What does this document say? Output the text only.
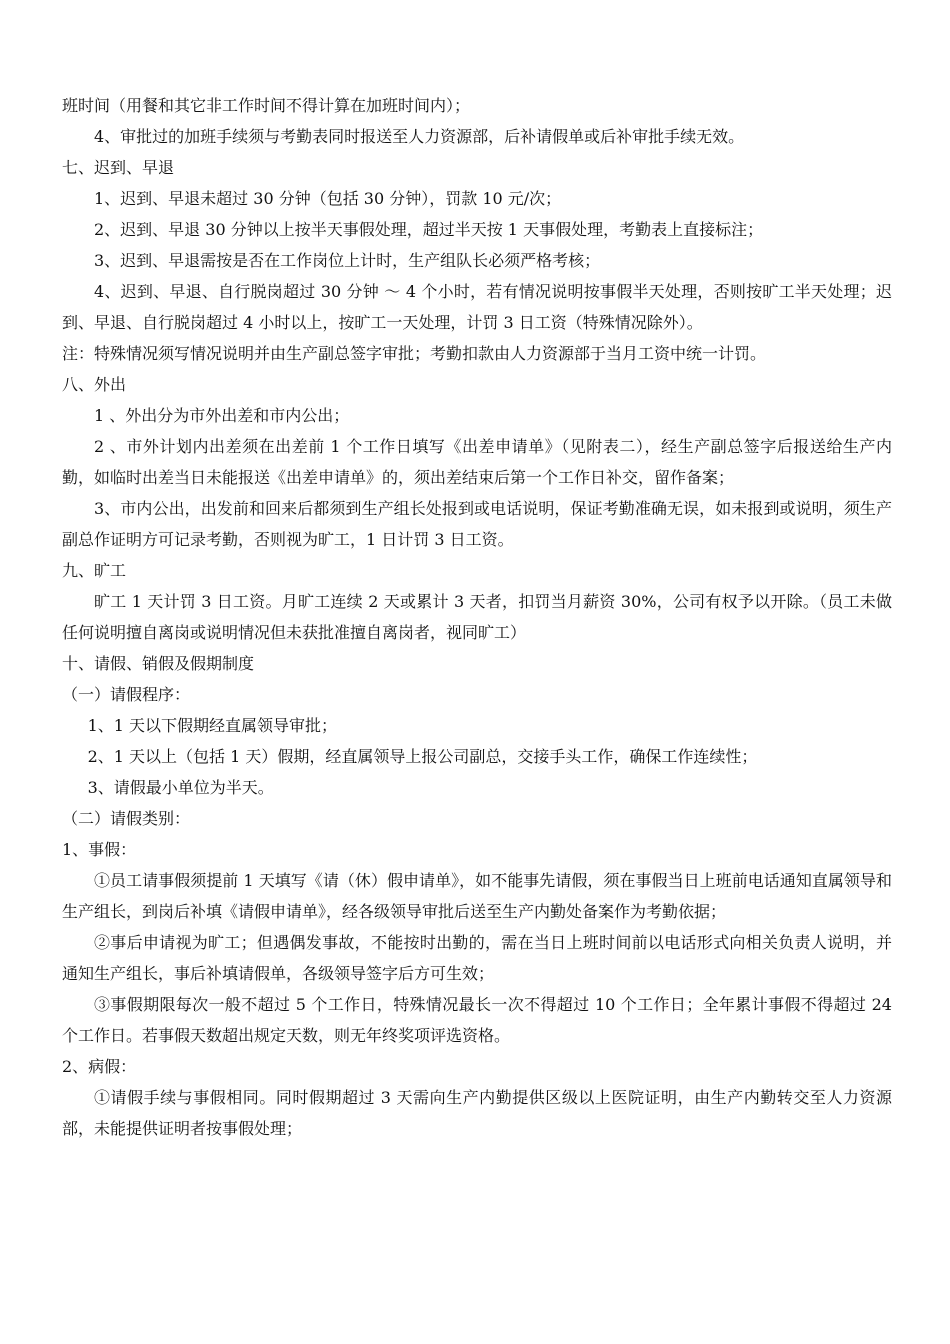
班时间（用餐和其它非工作时间不得计算在加班时间内）；

4、审批过的加班手续须与考勤表同时报送至人力资源部，后补请假单或后补审批手续无效。

七、迟到、早退

1、迟到、早退未超过 30 分钟（包括 30 分钟），罚款 10 元/次；

2、迟到、早退 30 分钟以上按半天事假处理，超过半天按 1 天事假处理，考勤表上直接标注；

3、迟到、早退需按是否在工作岗位上计时，生产组队长必须严格考核；

4、迟到、早退、自行脱岗超过 30 分钟 ～ 4 个小时，若有情况说明按事假半天处理，否则按旷工半天处理；迟到、早退、自行脱岗超过 4 小时以上，按旷工一天处理，计罚 3 日工资（特殊情况除外）。

注：特殊情况须写情况说明并由生产副总签字审批；考勤扣款由人力资源部于当月工资中统一计罚。

八、外出

1 、外出分为市外出差和市内公出；

2 、市外计划内出差须在出差前 1 个工作日填写《出差申请单》（见附表二），经生产副总签字后报送给生产内勤，如临时出差当日未能报送《出差申请单》的，须出差结束后第一个工作日补交，留作备案；

3、市内公出，出发前和回来后都须到生产组长处报到或电话说明，保证考勤准确无误，如未报到或说明，须生产副总作证明方可记录考勤，否则视为旷工，1 日计罚 3 日工资。

九、旷工

旷工 1 天计罚 3 日工资。月旷工连续 2 天或累计 3 天者，扣罚当月薪资 30%，公司有权予以开除。（员工未做任何说明擅自离岗或说明情况但未获批准擅自离岗者，视同旷工）

十、请假、销假及假期制度

（一）请假程序：

1、1 天以下假期经直属领导审批；

2、1 天以上（包括 1 天）假期，经直属领导上报公司副总，交接手头工作，确保工作连续性；

3、请假最小单位为半天。

（二）请假类别：

1、事假：

①员工请事假须提前 1 天填写《请（休）假申请单》，如不能事先请假，须在事假当日上班前电话通知直属领导和生产组长，到岗后补填《请假申请单》，经各级领导审批后送至生产内勤处备案作为考勤依据；

②事后申请视为旷工；但遇偶发事故，不能按时出勤的，需在当日上班时间前以电话形式向相关负责人说明，并通知生产组长，事后补填请假单，各级领导签字后方可生效；

③事假期限每次一般不超过 5 个工作日，特殊情况最长一次不得超过 10 个工作日；全年累计事假不得超过 24 个工作日。若事假天数超出规定天数，则无年终奖项评选资格。

2、病假：

①请假手续与事假相同。同时假期超过 3 天需向生产内勤提供区级以上医院证明，由生产内勤转交至人力资源部，未能提供证明者按事假处理；
